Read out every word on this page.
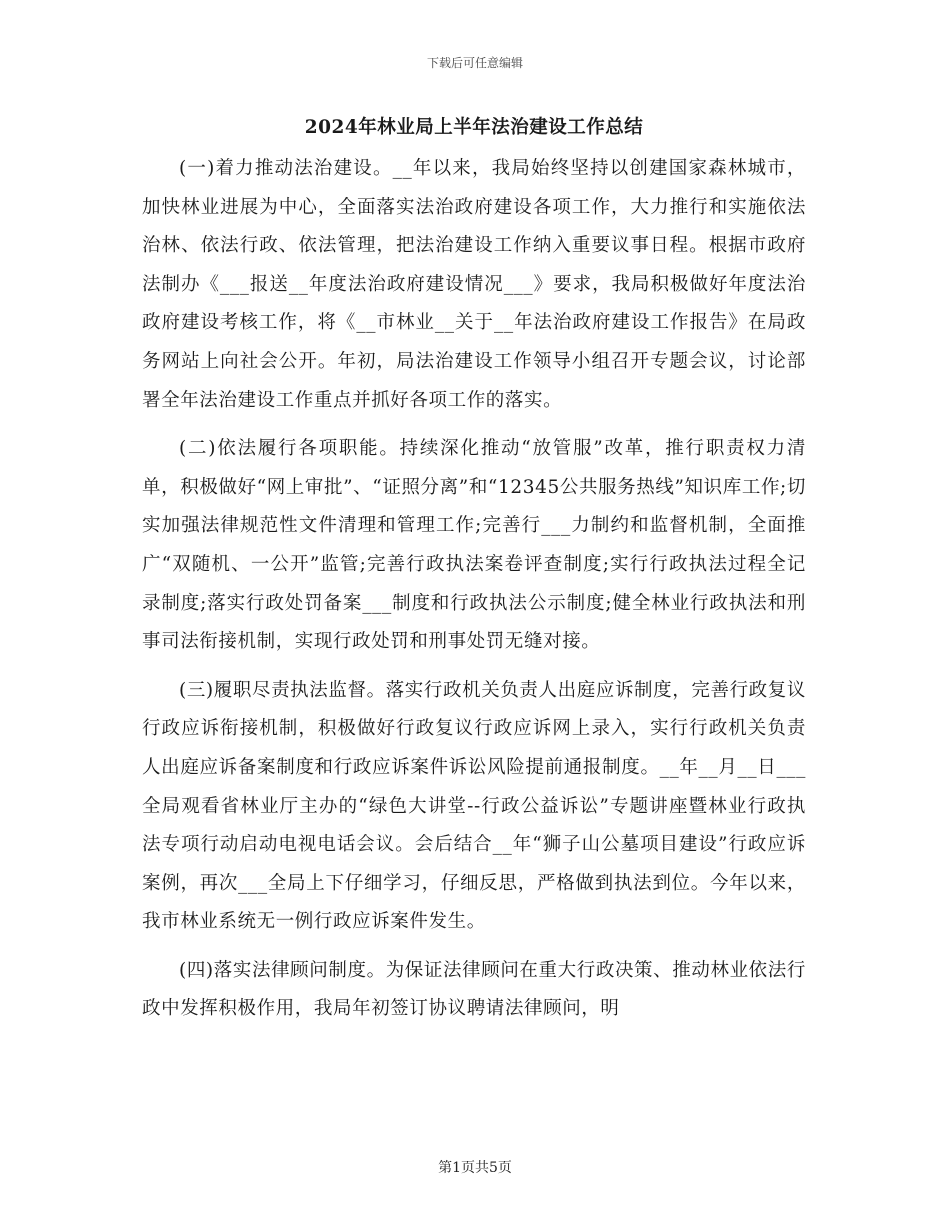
下载后可任意编辑
2024年林业局上半年法治建设工作总结

(一)着力推动法治建设。__年以来，我局始终坚持以创建国家森林城市，加快林业进展为中心，全面落实法治政府建设各项工作，大力推行和实施依法治林、依法行政、依法管理，把法治建设工作纳入重要议事日程。根据市政府法制办《___报送__年度法治政府建设情况___》要求，我局积极做好年度法治政府建设考核工作，将《__市林业__关于__年法治政府建设工作报告》在局政务网站上向社会公开。年初，局法治建设工作领导小组召开专题会议，讨论部署全年法治建设工作重点并抓好各项工作的落实。

(二)依法履行各项职能。持续深化推动“放管服”改革，推行职责权力清单，积极做好“网上审批”、“证照分离”和“12345公共服务热线”知识库工作;切实加强法律规范性文件清理和管理工作;完善行___力制约和监督机制，全面推广“双随机、一公开”监管;完善行政执法案卷评查制度;实行行政执法过程全记录制度;落实行政处罚备案___制度和行政执法公示制度;健全林业行政执法和刑事司法衔接机制，实现行政处罚和刑事处罚无缝对接。

(三)履职尽责执法监督。落实行政机关负责人出庭应诉制度，完善行政复议行政应诉衔接机制，积极做好行政复议行政应诉网上录入，实行行政机关负责人出庭应诉备案制度和行政应诉案件诉讼风险提前通报制度。__年__月__日___全局观看省林业厅主办的“绿色大讲堂--行政公益诉讼”专题讲座暨林业行政执法专项行动启动电视电话会议。会后结合__年“狮子山公墓项目建设”行政应诉案例，再次___全局上下仔细学习，仔细反思，严格做到执法到位。今年以来，我市林业系统无一例行政应诉案件发生。

(四)落实法律顾问制度。为保证法律顾问在重大行政决策、推动林业依法行政中发挥积极作用，我局年初签订协议聘请法律顾问，明

第1页共5页
